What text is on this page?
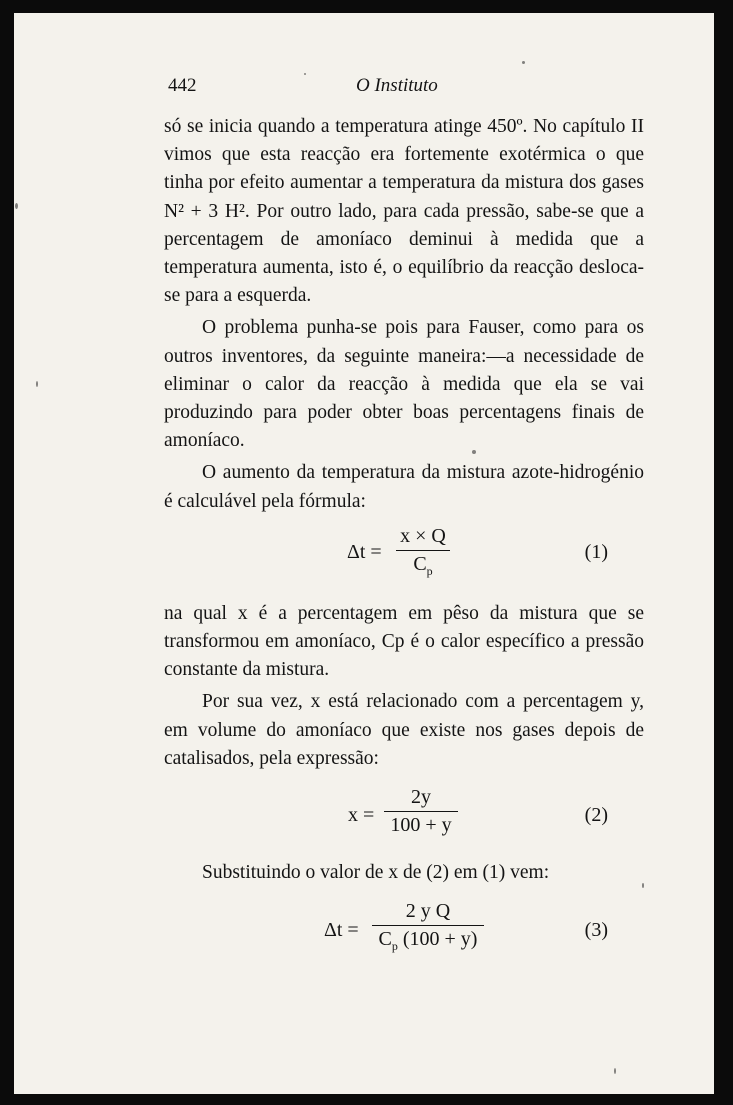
442	O Instituto

só se inicia quando a temperatura atinge 450º. No capítulo II vimos que esta reacção era fortemente exotérmica o que tinha por efeito aumentar a temperatura da mistura dos gases N² + 3 H². Por outro lado, para cada pressão, sabe-se que a percentagem de amoníaco deminui à medida que a temperatura aumenta, isto é, o equilíbrio da reacção desloca-se para a esquerda.

O problema punha-se pois para Fauser, como para os outros inventores, da seguinte maneira:—a necessidade de eliminar o calor da reacção à medida que ela se vai produzindo para poder obter boas percentagens finais de amoníaco.

O aumento da temperatura da mistura azote-hidrogénio é calculável pela fórmula:

$\Delta t = \frac{x \times Q}{C_p}$	(1)

na qual x é a percentagem em pêso da mistura que se transformou em amoníaco, Cp é o calor específico a pressão constante da mistura.

Por sua vez, x está relacionado com a percentagem y, em volume do amoníaco que existe nos gases depois de catalisados, pela expressão:

$x = \frac{2y}{100 + y}$	(2)

Substituindo o valor de x de (2) em (1) vem:

$\Delta t = \frac{\text{2 y Q}}{C_p (100 + y)}$	(3)
